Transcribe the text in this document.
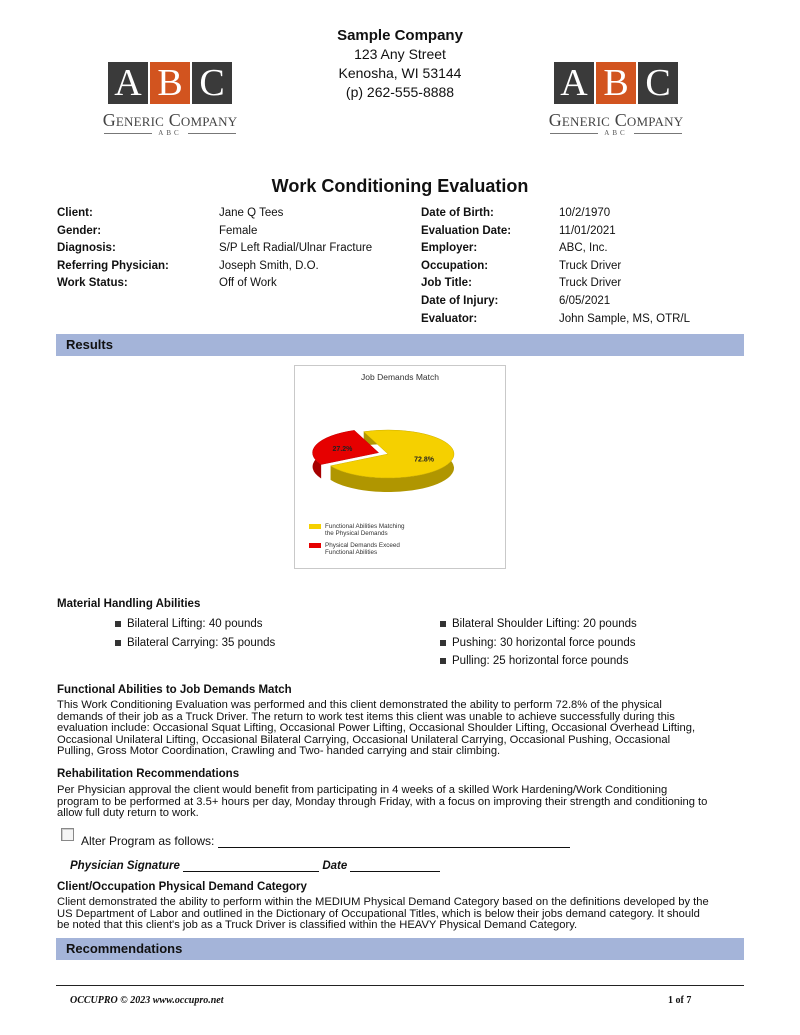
Sample Company
123 Any Street
Kenosha, WI 53144
(p) 262-555-8888
A B C
Generic Company
ABC
A B C
Generic Company
ABC
Work Conditioning Evaluation
Client:	Jane Q Tees
Gender:	Female
Diagnosis:	S/P Left Radial/Ulnar Fracture
Referring Physician:	Joseph Smith, D.O.
Work Status:	Off of Work
Date of Birth:	10/2/1970
Evaluation Date:	11/01/2021
Employer:	ABC, Inc.
Occupation:	Truck Driver
Job Title:	Truck Driver
Date of Injury:	6/05/2021
Evaluator:	John Sample, MS, OTR/L
Results
Job Demands Match
72.8%
27.2%
Functional Abilities Matching the Physical Demands
Physical Demands Exceed Functional Abilities
Material Handling Abilities
Bilateral Lifting: 40 pounds
Bilateral Carrying: 35 pounds
Bilateral Shoulder Lifting: 20 pounds
Pushing: 30 horizontal force pounds
Pulling: 25 horizontal force pounds
Functional Abilities to Job Demands Match
This Work Conditioning Evaluation was performed and this client demonstrated the ability to perform 72.8% of the physical
demands of their job as a Truck Driver. The return to work test items this client was unable to achieve successfully during this
evaluation include: Occasional Squat Lifting, Occasional Power Lifting, Occasional Shoulder Lifting, Occasional Overhead Lifting,
Occasional Unilateral Lifting, Occasional Bilateral Carrying, Occasional Unilateral Carrying, Occasional Pushing, Occasional
Pulling, Gross Motor Coordination, Crawling and Two- handed carrying and stair climbing.
Rehabilitation Recommendations
Per Physician approval the client would benefit from participating in 4 weeks of a skilled Work Hardening/Work Conditioning
program to be performed at 3.5+ hours per day, Monday through Friday, with a focus on improving their strength and conditioning to
allow full duty return to work.
Alter Program as follows:
Physician Signature	Date
Client/Occupation Physical Demand Category
Client demonstrated the ability to perform within the MEDIUM Physical Demand Category based on the definitions developed by the
US Department of Labor and outlined in the Dictionary of Occupational Titles, which is below their jobs demand category. It should
be noted that this client's job as a Truck Driver is classified within the HEAVY Physical Demand Category.
Recommendations
OCCUPRO © 2023 www.occupro.net	1 of 7
